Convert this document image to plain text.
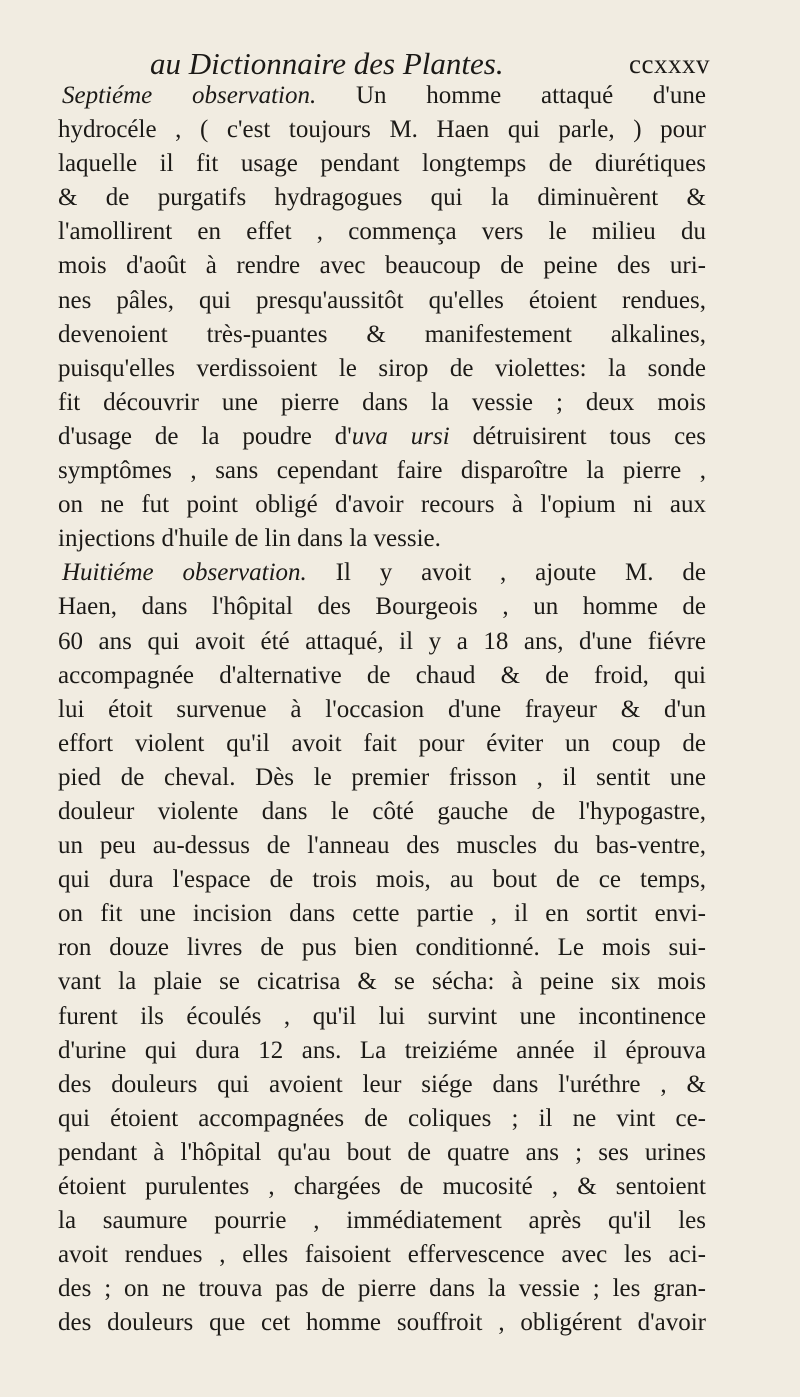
au Dictionnaire des Plantes.	ccxxxv
Septiéme observation. Un homme attaqué d'une
hydrocéle , ( c'est toujours M. Haen qui parle, ) pour
laquelle il fit usage pendant longtemps de diurétiques
& de purgatifs hydragogues qui la diminuèrent &
l'amollirent en effet , commença vers le milieu du
mois d'août à rendre avec beaucoup de peine des uri-
nes pâles, qui presqu'aussitôt qu'elles étoient rendues,
devenoient très-puantes & manifestement alkalines,
puisqu'elles verdissoient le sirop de violettes: la sonde
fit découvrir une pierre dans la vessie ; deux mois
d'usage de la poudre d'uva ursi détruisirent tous ces
symptômes , sans cependant faire disparoître la pierre ,
on ne fut point obligé d'avoir recours à l'opium ni aux
injections d'huile de lin dans la vessie.
Huitiéme observation. Il y avoit , ajoute M. de
Haen, dans l'hôpital des Bourgeois , un homme de
60 ans qui avoit été attaqué, il y a 18 ans, d'une fiévre
accompagnée d'alternative de chaud & de froid, qui
lui étoit survenue à l'occasion d'une frayeur & d'un
effort violent qu'il avoit fait pour éviter un coup de
pied de cheval. Dès le premier frisson , il sentit une
douleur violente dans le côté gauche de l'hypogastre,
un peu au-dessus de l'anneau des muscles du bas-ventre,
qui dura l'espace de trois mois, au bout de ce temps,
on fit une incision dans cette partie , il en sortit envi-
ron douze livres de pus bien conditionné. Le mois sui-
vant la plaie se cicatrisa & se sécha: à peine six mois
furent ils écoulés , qu'il lui survint une incontinence
d'urine qui dura 12 ans. La treiziéme année il éprouva
des douleurs qui avoient leur siége dans l'uréthre , &
qui étoient accompagnées de coliques ; il ne vint ce-
pendant à l'hôpital qu'au bout de quatre ans ; ses urines
étoient purulentes , chargées de mucosité , & sentoient
la saumure pourrie , immédiatement après qu'il les
avoit rendues , elles faisoient effervescence avec les aci-
des ; on ne trouva pas de pierre dans la vessie ; les gran-
des douleurs que cet homme souffroit , obligérent d'avoir
